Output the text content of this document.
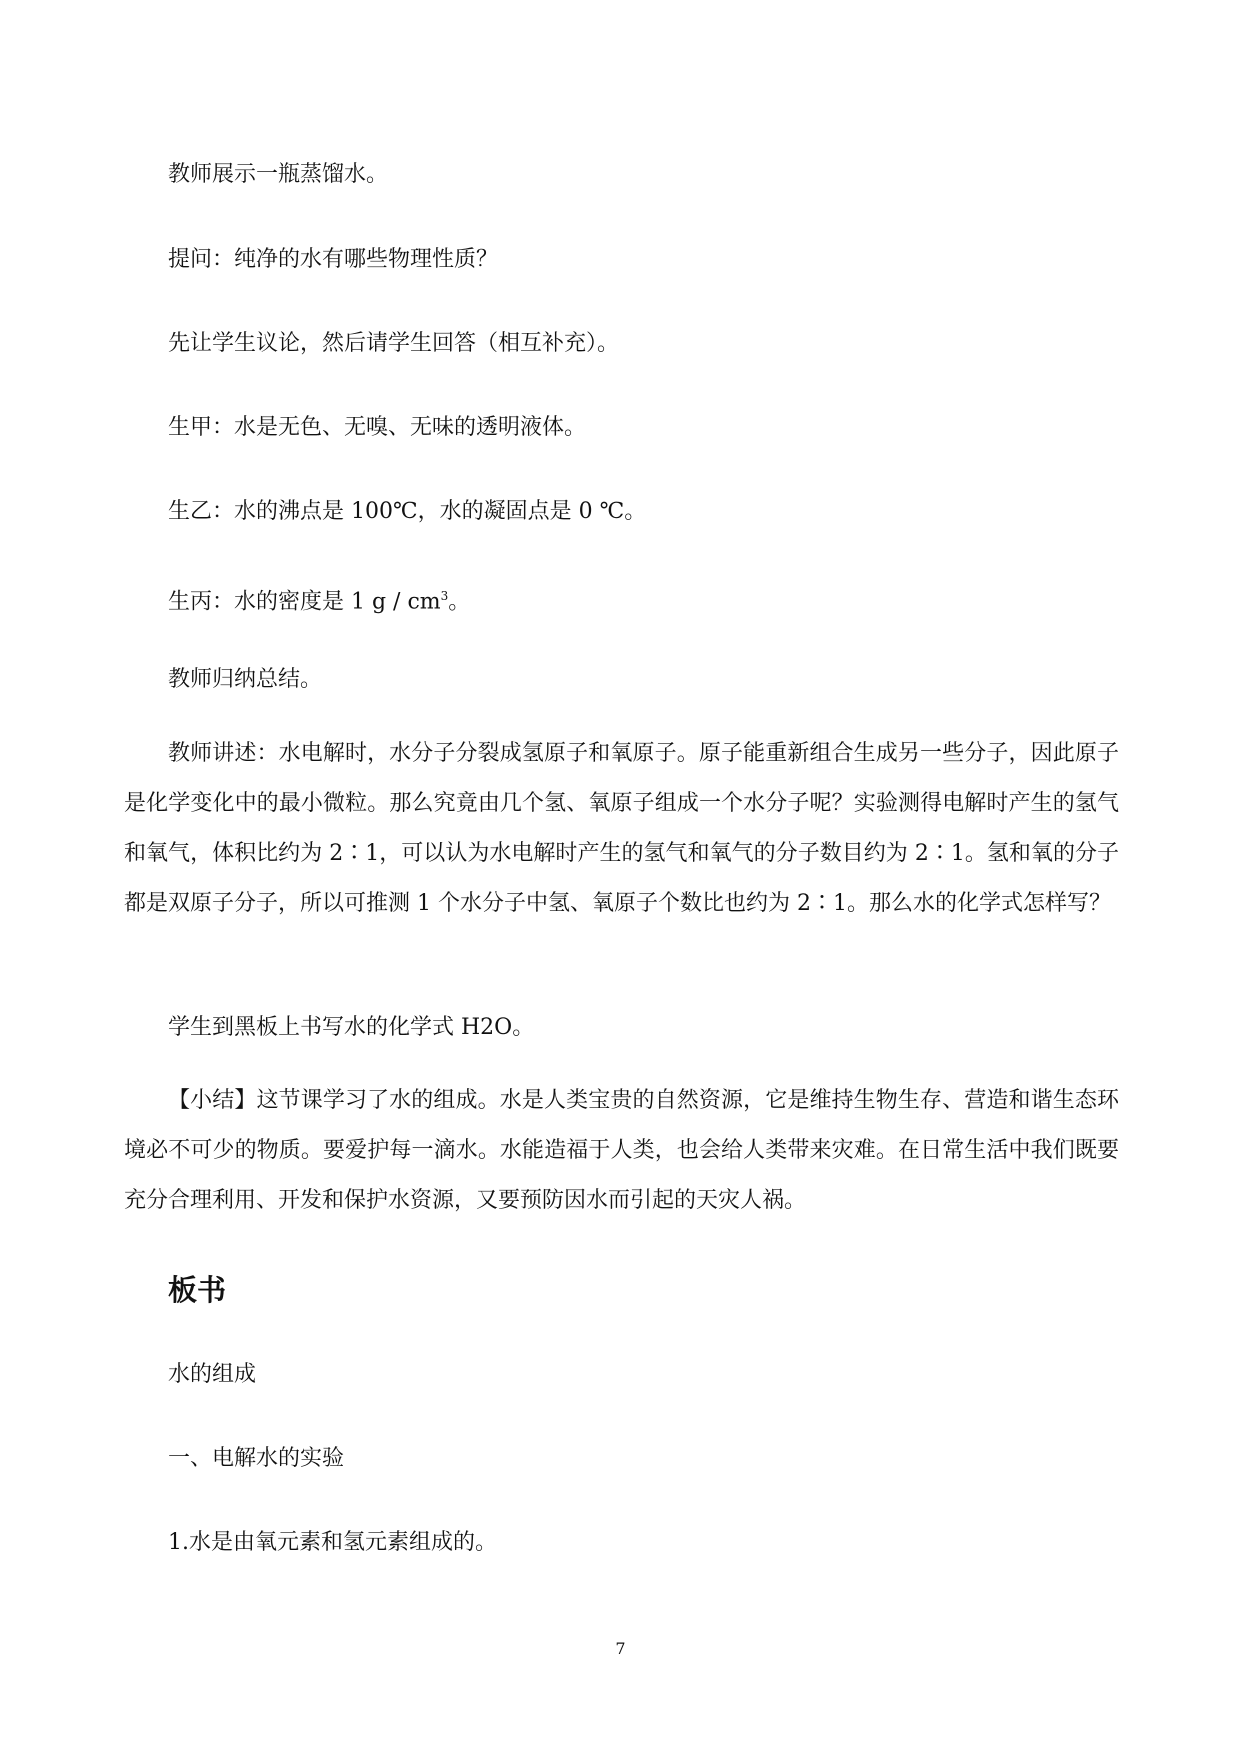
教师展示一瓶蒸馏水。
提问：纯净的水有哪些物理性质？
先让学生议论，然后请学生回答（相互补充）。
生甲：水是无色、无嗅、无味的透明液体。
生乙：水的沸点是 100℃，水的凝固点是 0 ℃。
生丙：水的密度是 1 g / $cm^3$。
教师归纳总结。

教师讲述：水电解时，水分子分裂成氢原子和氧原子。原子能重新组合生成另一些分子，因此原子是化学变化中的最小微粒。那么究竟由几个氢、氧原子组成一个水分子呢？实验测得电解时产生的氢气和氧气，体积比约为 2∶1，可以认为水电解时产生的氢气和氧气的分子数目约为 2∶1。氢和氧的分子都是双原子分子，所以可推测 1 个水分子中氢、氧原子个数比也约为 2∶1。那么水的化学式怎样写？

学生到黑板上书写水的化学式 H2O。

【小结】这节课学习了水的组成。水是人类宝贵的自然资源，它是维持生物生存、营造和谐生态环境必不可少的物质。要爱护每一滴水。水能造福于人类，也会给人类带来灾难。在日常生活中我们既要充分合理利用、开发和保护水资源，又要预防因水而引起的天灾人祸。

板书
水的组成
一、电解水的实验
1.水是由氧元素和氢元素组成的。
7
